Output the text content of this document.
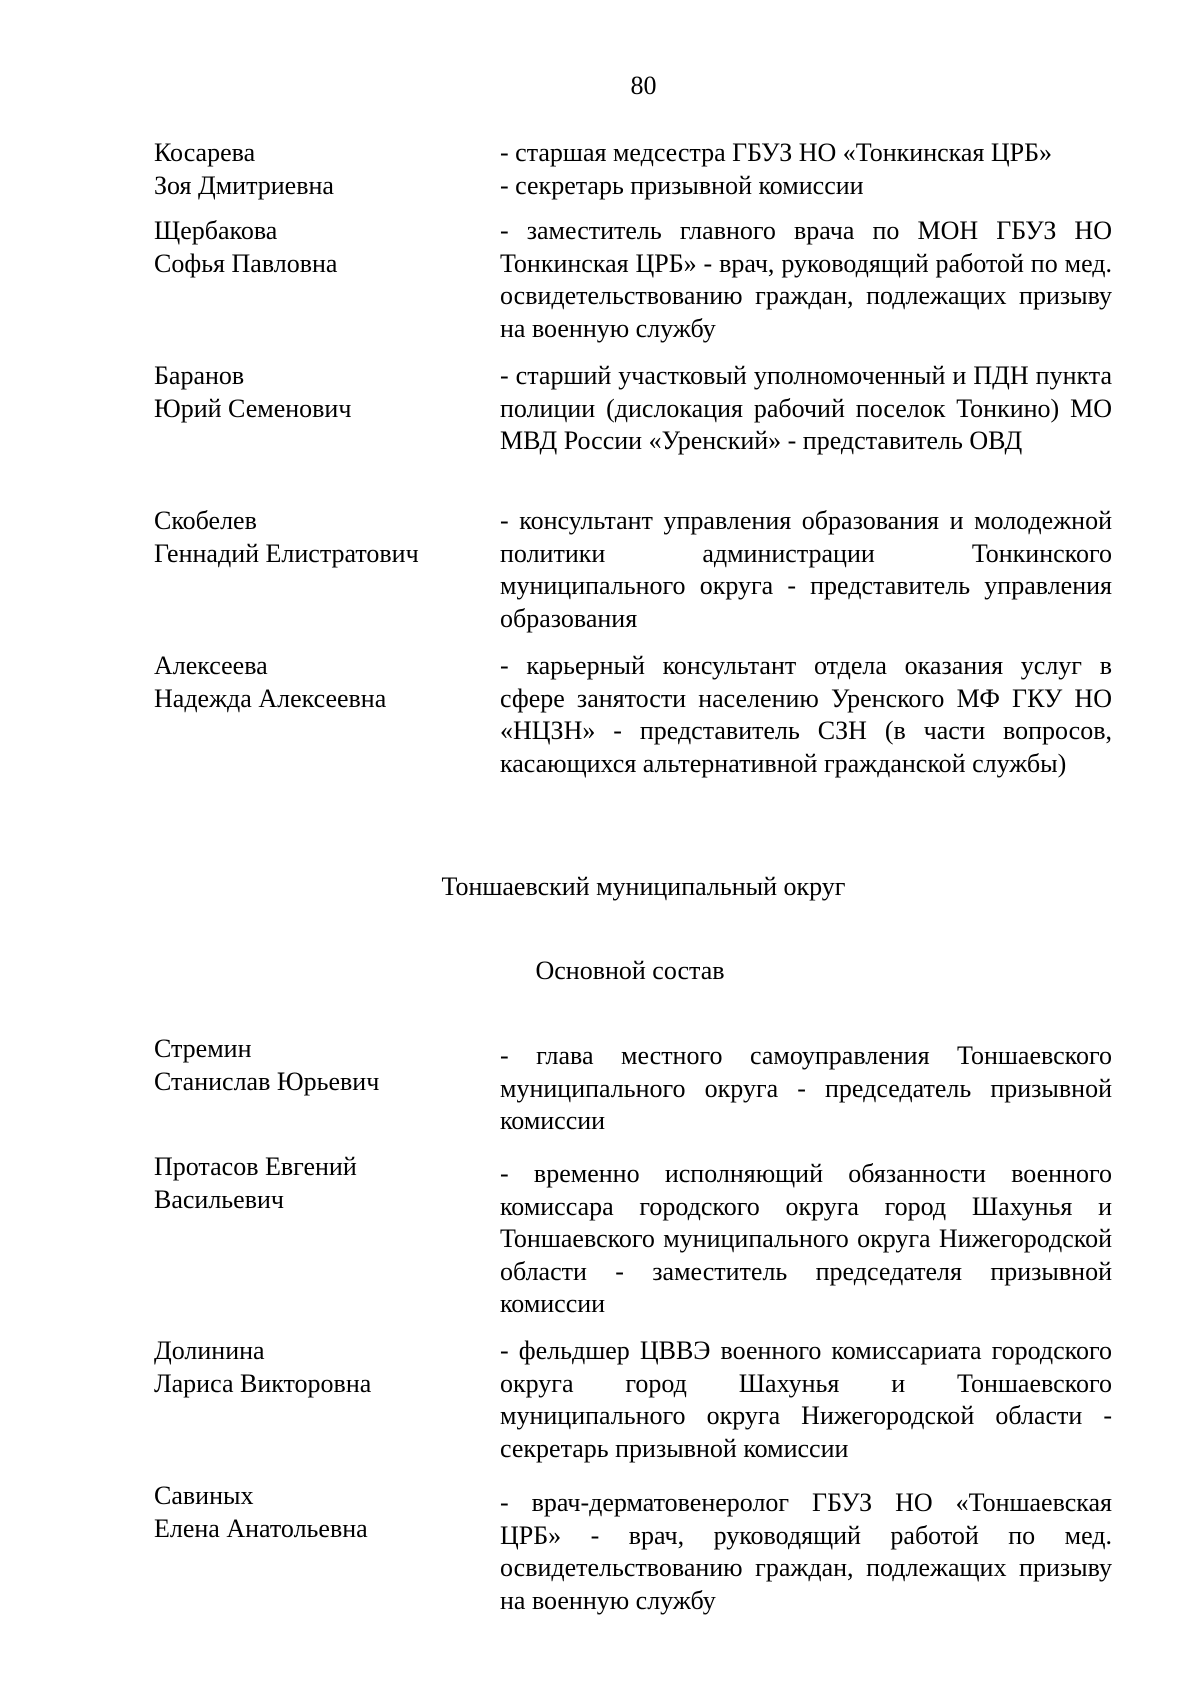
80
Косарева
Зоя Дмитриевна

- старшая медсестра ГБУЗ НО «Тонкинская ЦРБ»

- секретарь призывной комиссии

Щербакова
Софья Павловна

- заместитель главного врача по МОН ГБУЗ НО Тонкинская ЦРБ» - врач, руководящий работой по мед. освидетельствованию граждан, подлежащих призыву на военную службу

Баранов
Юрий Семенович

- старший участковый уполномоченный и ПДН пункта полиции (дислокация рабочий поселок Тонкино) МО МВД России «Уренский» - представитель ОВД

Скобелев
Геннадий Елистратович

- консультант управления образования и молодежной политики администрации Тонкинского муниципального округа - представитель управления образования

Алексеева
Надежда Алексеевна

- карьерный консультант отдела оказания услуг в сфере занятости населению Уренского МФ ГКУ НО «НЦЗН» - представитель СЗН (в части вопросов, касающихся альтернативной гражданской службы)

Тоншаевский муниципальный округ
Основной состав
Стремин
Станислав Юрьевич

- глава местного самоуправления Тоншаевского муниципального округа - председатель призывной комиссии

Протасов Евгений
Васильевич

- временно исполняющий обязанности военного комиссара городского округа город Шахунья и Тоншаевского муниципального округа Нижегородской области - заместитель председателя призывной комиссии

Долинина
Лариса Викторовна

- фельдшер ЦВВЭ военного комиссариата городского округа город Шахунья и Тоншаевского муниципального округа Нижегородской области - секретарь призывной комиссии

Савиных
Елена Анатольевна

- врач-дерматовенеролог ГБУЗ НО «Тоншаевская ЦРБ» - врач, руководящий работой по мед. освидетельствованию граждан, подлежащих призыву на военную службу
